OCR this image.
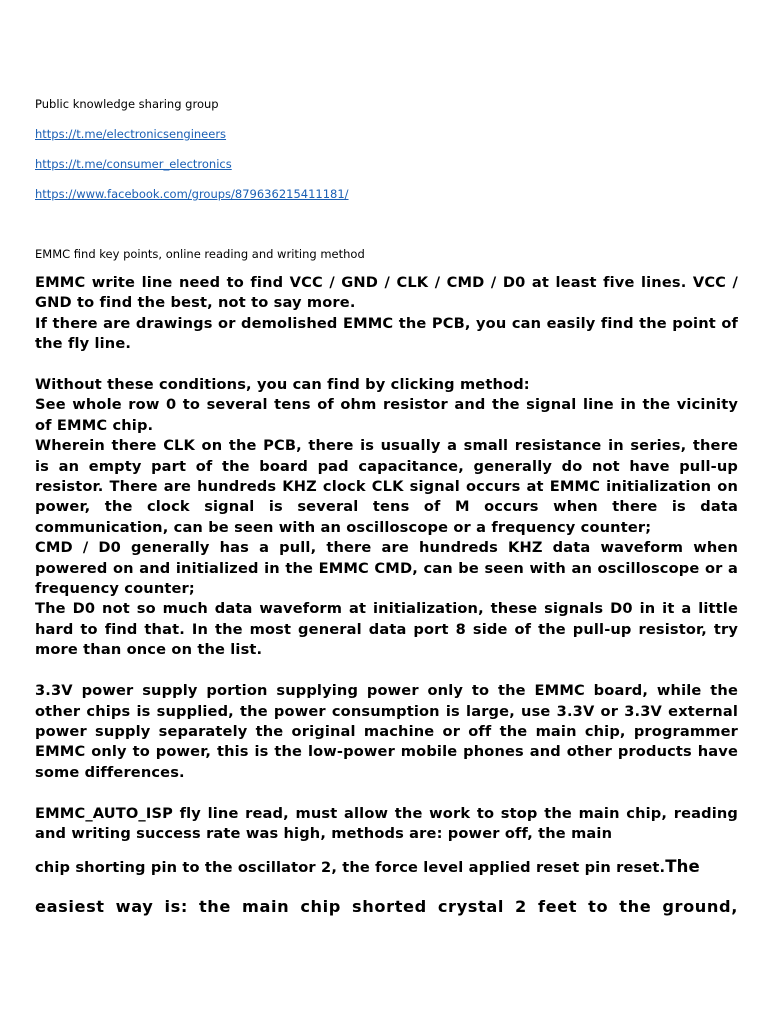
Public knowledge sharing group

https://t.me/electronicsengineers

https://t.me/consumer_electronics

https://www.facebook.com/groups/879636215411181/

EMMC find key points, online reading and writing method

EMMC write line need to find VCC / GND / CLK / CMD / D0 at least five lines. VCC / GND to find the best, not to say more.

If there are drawings or demolished EMMC the PCB, you can easily find the point of the fly line.

Without these conditions, you can find by clicking method:

See whole row 0 to several tens of ohm resistor and the signal line in the vicinity of EMMC chip.

Wherein there CLK on the PCB, there is usually a small resistance in series, there is an empty part of the board pad capacitance, generally do not have pull-up resistor. There are hundreds KHZ clock CLK signal occurs at EMMC initialization on power, the clock signal is several tens of M occurs when there is data communication, can be seen with an oscilloscope or a frequency counter;

CMD / D0 generally has a pull, there are hundreds KHZ data waveform when powered on and initialized in the EMMC CMD, can be seen with an oscilloscope or a frequency counter;

The D0 not so much data waveform at initialization, these signals D0 in it a little hard to find that. In the most general data port 8 side of the pull-up resistor, try more than once on the list.

3.3V power supply portion supplying power only to the EMMC board, while the other chips is supplied, the power consumption is large, use 3.3V or 3.3V external power supply separately the original machine or off the main chip, programmer EMMC only to power, this is the low-power mobile phones and other products have some differences.

EMMC_AUTO_ISP fly line read, must allow the work to stop the main chip, reading and writing success rate was high, methods are: power off, the main

chip shorting pin to the oscillator 2, the force level applied reset pin reset.The

easiest way is: the main chip shorted crystal 2 feet to the ground,
